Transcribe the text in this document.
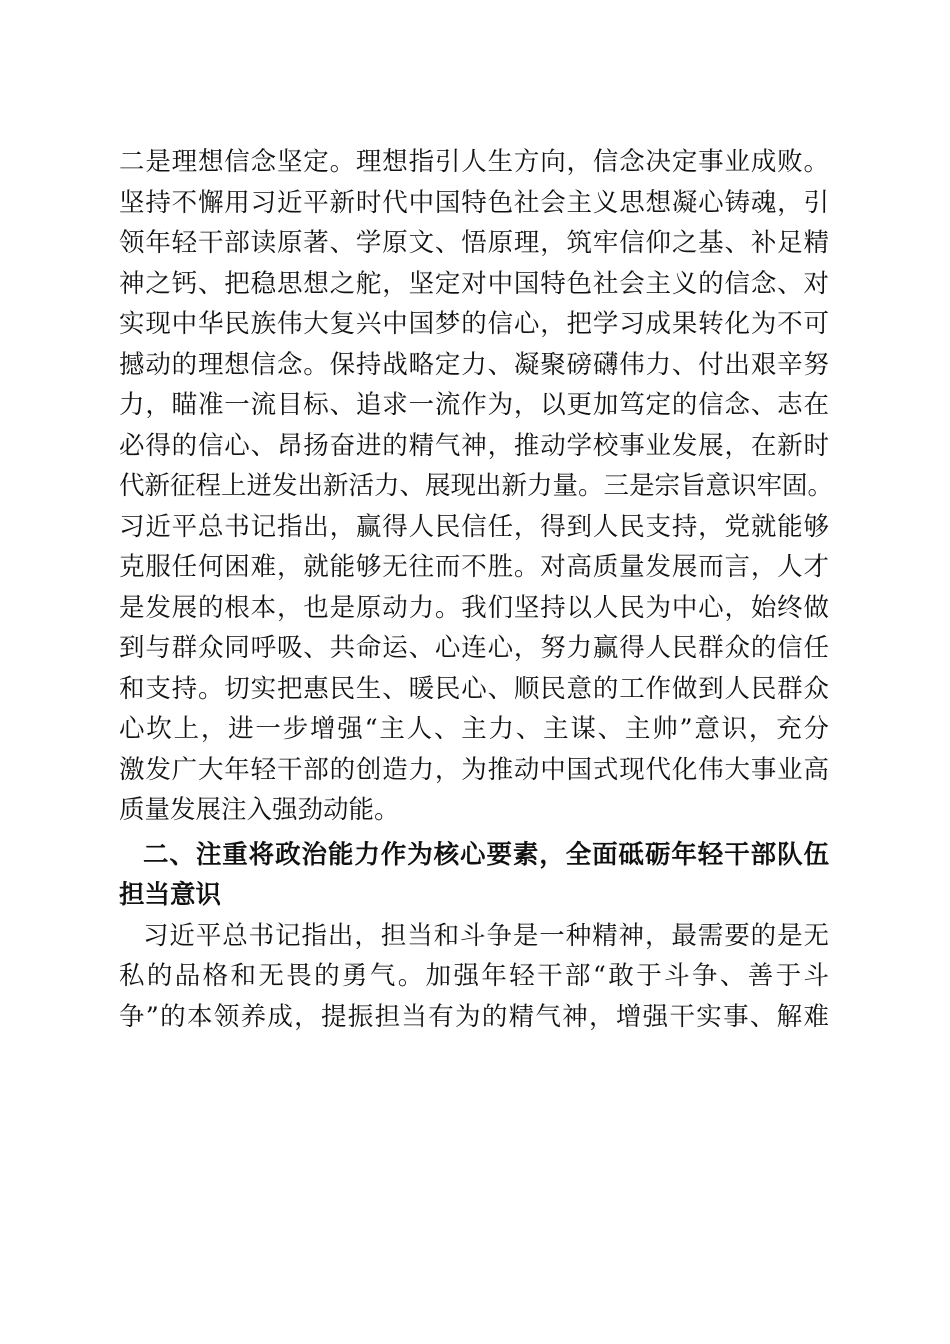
二是理想信念坚定。理想指引人生方向，信念决定事业成败。
坚持不懈用习近平新时代中国特色社会主义思想凝心铸魂，引
领年轻干部读原著、学原文、悟原理，筑牢信仰之基、补足精
神之钙、把稳思想之舵，坚定对中国特色社会主义的信念、对
实现中华民族伟大复兴中国梦的信心，把学习成果转化为不可
撼动的理想信念。保持战略定力、凝聚磅礴伟力、付出艰辛努
力，瞄准一流目标、追求一流作为，以更加笃定的信念、志在
必得的信心、昂扬奋进的精气神，推动学校事业发展，在新时
代新征程上迸发出新活力、展现出新力量。三是宗旨意识牢固。
习近平总书记指出，赢得人民信任，得到人民支持，党就能够
克服任何困难，就能够无往而不胜。对高质量发展而言，人才
是发展的根本，也是原动力。我们坚持以人民为中心，始终做
到与群众同呼吸、共命运、心连心，努力赢得人民群众的信任
和支持。切实把惠民生、暖民心、顺民意的工作做到人民群众
心坎上，进一步增强“主人、主力、主谋、主帅”意识，充分
激发广大年轻干部的创造力，为推动中国式现代化伟大事业高
质量发展注入强劲动能。
二、注重将政治能力作为核心要素，全面砥砺年轻干部队伍
担当意识
习近平总书记指出，担当和斗争是一种精神，最需要的是无
私的品格和无畏的勇气。加强年轻干部“敢于斗争、善于斗
争”的本领养成，提振担当有为的精气神，增强干实事、解难
